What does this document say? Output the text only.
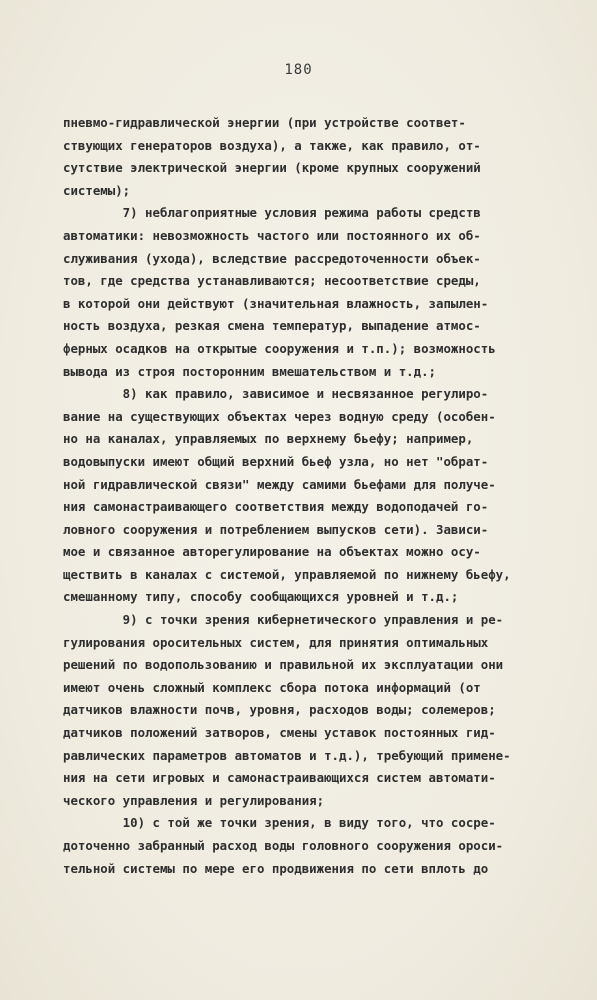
180
пневмо-гидравлической энергии (при устройстве соответ-
ствующих генераторов воздуха), а также, как правило, от-
сутствие электрической энергии (кроме крупных сооружений
системы);
7) неблагоприятные условия режима работы средств
автоматики: невозможность частого или постоянного их об-
служивания (ухода), вследствие рассредоточенности объек-
тов, где средства устанавливаются; несоответствие среды,
в которой они действуют (значительная влажность, запылен-
ность воздуха, резкая смена температур, выпадение атмос-
ферных осадков на открытые сооружения и т.п.); возможность
вывода из строя посторонним вмешательством и т.д.;
8) как правило, зависимое и несвязанное регулиро-
вание на существующих объектах через водную среду (особен-
но на каналах, управляемых по верхнему бьефу; например,
водовыпуски имеют общий верхний бьеф узла, но нет "обрат-
ной гидравлической связи" между самими бьефами для получе-
ния самонастраивающего соответствия между водоподачей го-
ловного сооружения и потреблением выпусков сети). Зависи-
мое и связанное авторегулирование на объектах можно осу-
ществить в каналах с системой, управляемой по нижнему бьефу,
смешанному типу, способу сообщающихся уровней и т.д.;
9) с точки зрения кибернетического управления и ре-
гулирования оросительных систем, для принятия оптимальных
решений по водопользованию и правильной их эксплуатации они
имеют очень сложный комплекс сбора потока информаций (от
датчиков влажности почв, уровня, расходов воды; солемеров;
датчиков положений затворов, смены уставок постоянных гид-
равлических параметров автоматов и т.д.), требующий примене-
ния на сети игровых и самонастраивающихся систем автомати-
ческого управления и регулирования;
10) с той же точки зрения, в виду того, что сосре-
доточенно забранный расход воды головного сооружения ороси-
тельной системы по мере его продвижения по сети вплоть до
